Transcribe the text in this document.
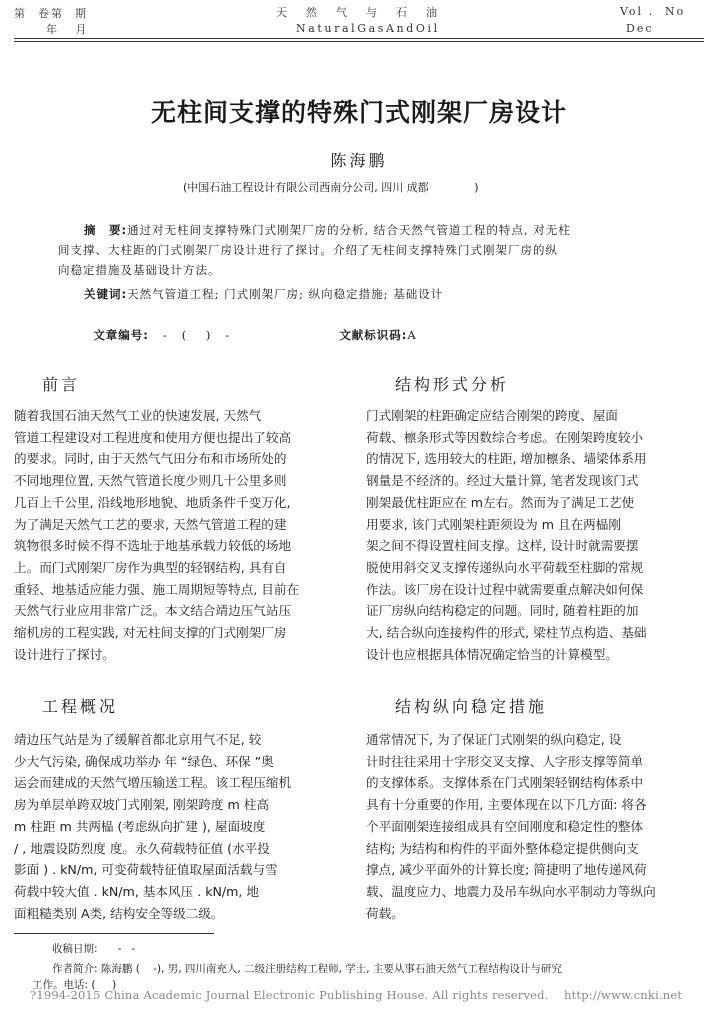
第  卷第  期
年   月
天  然  气  与  石  油
NaturalGasAndOil
Vol .  No
Dec
无柱间支撑的特殊门式刚架厂房设计
陈海鹏
(中国石油工程设计有限公司西南分公司, 四川 成都             )
摘　要:通过对无柱间支撑特殊门式刚架厂房的分析, 结合天然气管道工程的特点, 对无柱
间支撑、大柱距的门式刚架厂房设计进行了探讨。介绍了无柱间支撑特殊门式刚架厂房的纵
向稳定措施及基础设计方法。
关键词:天然气管道工程; 门式刚架厂房; 纵向稳定措施; 基础设计

文章编号:   -   (    )   -	文献标识码:A

前言
随着我国石油天然气工业的快速发展, 天然气
管道工程建设对工程进度和使用方便也提出了较高
的要求。同时, 由于天然气气田分布和市场所处的
不同地理位置, 天然气管道长度少则几十公里多则
几百上千公里, 沿线地形地貌、地质条件千变万化,
为了满足天然气工艺的要求, 天然气管道工程的建
筑物很多时候不得不选址于地基承载力较低的场地
上。而门式刚架厂房作为典型的轻钢结构, 具有自
重轻、地基适应能力强、施工周期短等特点, 目前在
天然气行业应用非常广泛。本文结合靖边压气站压
缩机房的工程实践, 对无柱间支撑的门式刚架厂房
设计进行了探讨。
工程概况
靖边压气站是为了缓解首都北京用气不足, 较
少大气污染, 确保成功举办 年 “绿色、环保 ”奥
运会而建成的天然气增压输送工程。该工程压缩机
房为单层单跨双坡门式刚架, 刚架跨度 m 柱高
m 柱距 m 共两榀 (考虑纵向扩建 ), 屋面坡度
/ , 地震设防烈度 度。永久荷载特征值 (水平投
影面 ) . kN/m, 可变荷载特征值取屋面活载与雪
荷载中较大值 . kN/m, 基本风压 . kN/m, 地
面粗糙类别 A类, 结构安全等级二级。
结构形式分析
门式刚架的柱距确定应结合刚架的跨度、屋面
荷载、檩条形式等因数综合考虑。在刚架跨度较小
的情况下, 选用较大的柱距, 增加檩条、墙梁体系用
钢量是不经济的。经过大量计算, 笔者发现该门式
刚架最优柱距应在 m左右。然而为了满足工艺使
用要求, 该门式刚架柱距须设为 m 且在两榀刚
架之间不得设置柱间支撑。这样, 设计时就需要摆
脱使用斜交叉支撑传递纵向水平荷载至柱脚的常规
作法。该厂房在设计过程中就需要重点解决如何保
证厂房纵向结构稳定的问题。同时, 随着柱距的加
大, 结合纵向连接构件的形式, 梁柱节点构造、基础
设计也应根据具体情况确定恰当的计算模型。
结构纵向稳定措施
通常情况下, 为了保证门式刚架的纵向稳定, 设
计时往往采用十字形交叉支撑、人字形支撑等简单
的支撑体系。支撑体系在门式刚架轻钢结构体系中
具有十分重要的作用, 主要体现在以下几方面: 将各
个平面刚架连接组成具有空间刚度和稳定性的整体
结构; 为结构和构件的平面外整体稳定提供侧向支
撑点, 减少平面外的计算长度; 简捷明了地传递风荷
载、温度应力、地震力及吊车纵向水平制动力等纵向
荷载。
收稿日期:      -   -
作者简介: 陈海鹏 (    -), 男, 四川南充人, 二级注册结构工程师, 学士, 主要从事石油天然气工程结构设计与研究
工作。电话: (     )
?1994-2015 China Academic Journal Electronic Publishing House. All rights reserved.    http://www.cnki.net
